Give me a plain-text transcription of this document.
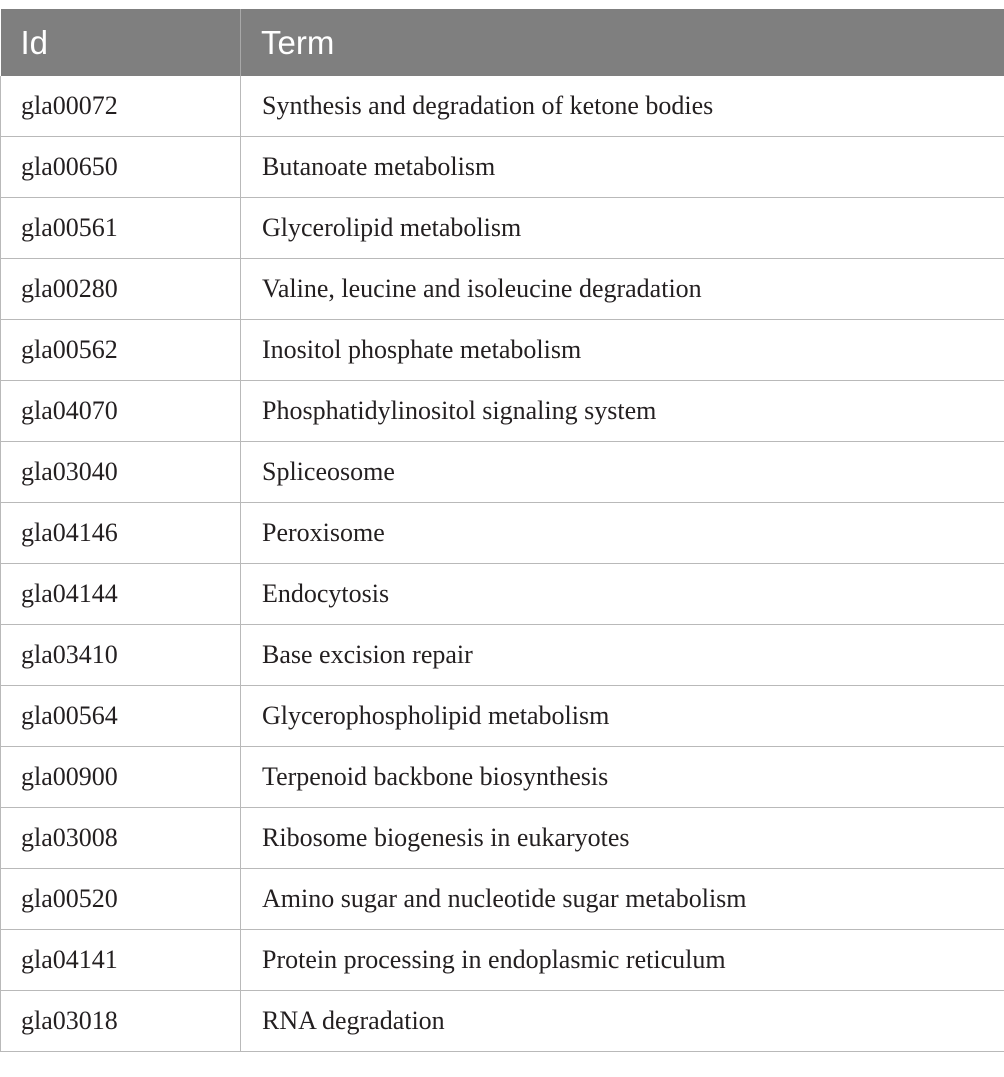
Id	Term
gla00072	Synthesis and degradation of ketone bodies
gla00650	Butanoate metabolism
gla00561	Glycerolipid metabolism
gla00280	Valine, leucine and isoleucine degradation
gla00562	Inositol phosphate metabolism
gla04070	Phosphatidylinositol signaling system
gla03040	Spliceosome
gla04146	Peroxisome
gla04144	Endocytosis
gla03410	Base excision repair
gla00564	Glycerophospholipid metabolism
gla00900	Terpenoid backbone biosynthesis
gla03008	Ribosome biogenesis in eukaryotes
gla00520	Amino sugar and nucleotide sugar metabolism
gla04141	Protein processing in endoplasmic reticulum
gla03018	RNA degradation
